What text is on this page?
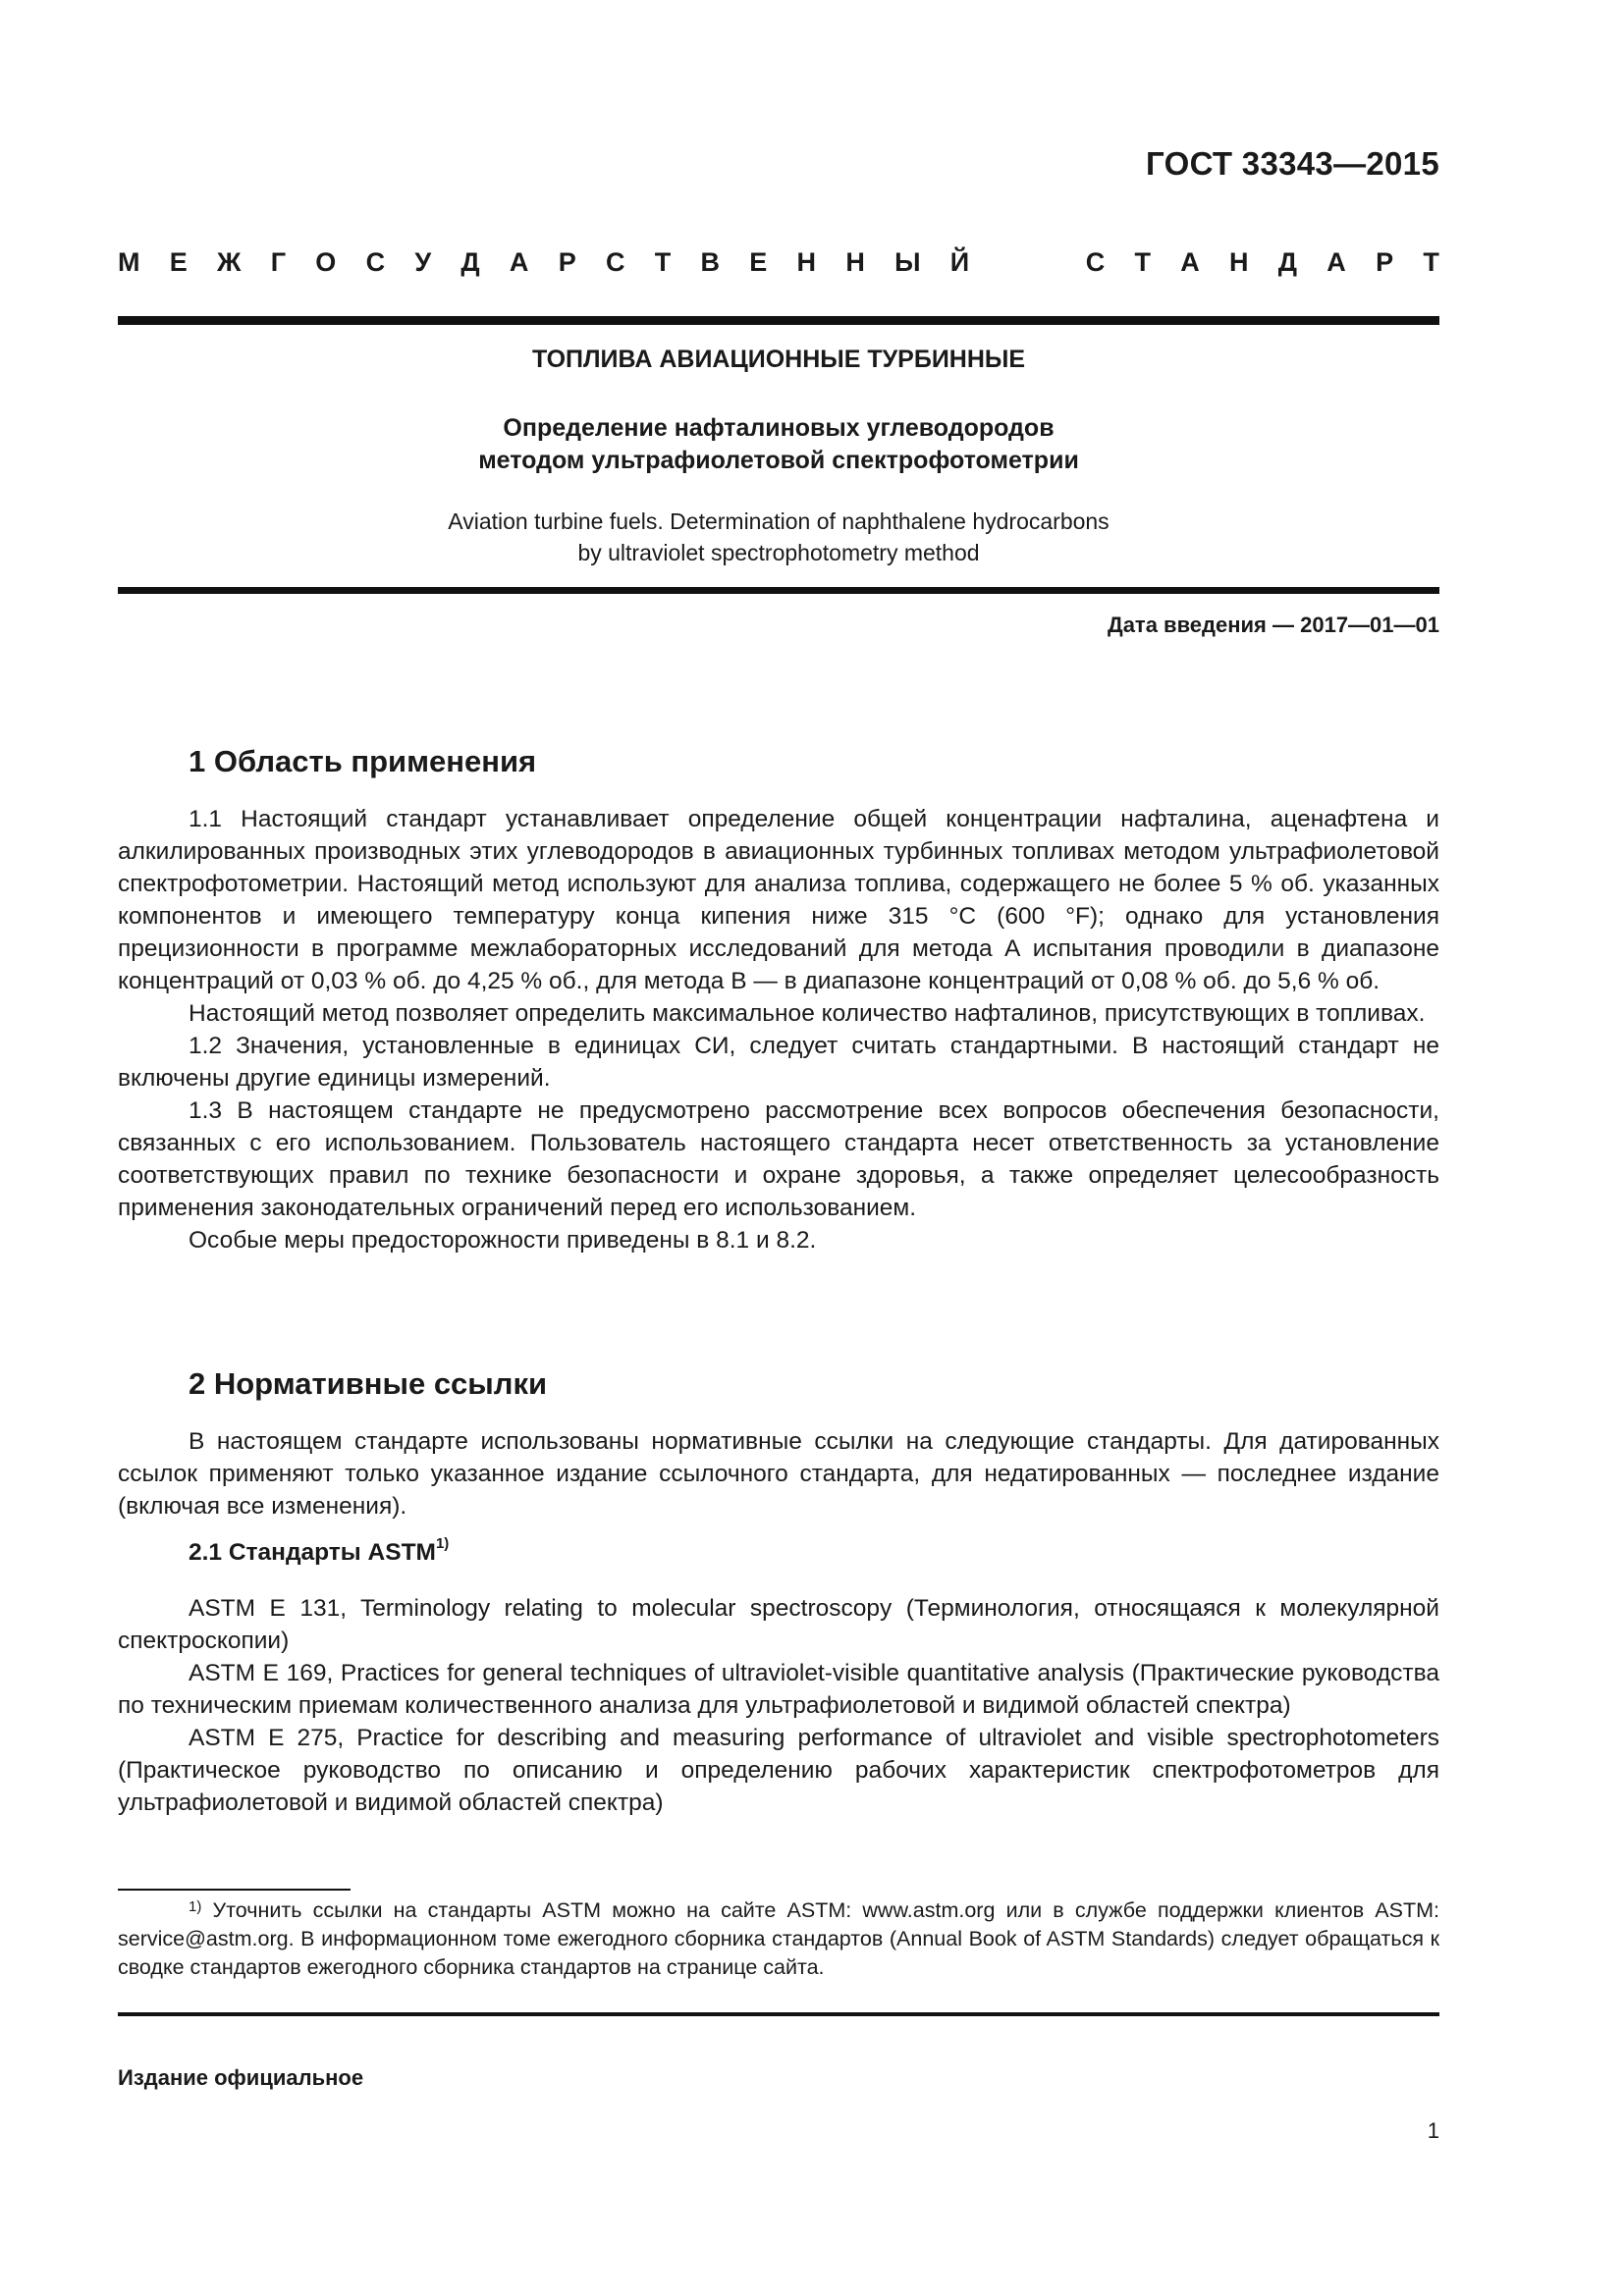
ГОСТ 33343—2015
М Е Ж Г О С У Д А Р С Т В Е Н Н Ы Й	С Т А Н Д А Р Т
ТОПЛИВА АВИАЦИОННЫЕ ТУРБИННЫЕ
Определение нафталиновых углеводородов
методом ультрафиолетовой спектрофотометрии
Aviation turbine fuels. Determination of naphthalene hydrocarbons
by ultraviolet spectrophotometry method
Дата введения — 2017—01—01
1 Область применения

1.1 Настоящий стандарт устанавливает определение общей концентрации нафталина, аценафтена и алкилированных производных этих углеводородов в авиационных турбинных топливах методом ультрафиолетовой спектрофотометрии. Настоящий метод используют для анализа топлива, содержащего не более 5 % об. указанных компонентов и имеющего температуру конца кипения ниже 315 °С (600 °F); однако для установления прецизионности в программе межлабораторных исследований для метода А испытания проводили в диапазоне концентраций от 0,03 % об. до 4,25 % об., для метода В — в диапазоне концентраций от 0,08 % об. до 5,6 % об.

Настоящий метод позволяет определить максимальное количество нафталинов, присутствующих в топливах.

1.2 Значения, установленные в единицах СИ, следует считать стандартными. В настоящий стандарт не включены другие единицы измерений.

1.3 В настоящем стандарте не предусмотрено рассмотрение всех вопросов обеспечения безопасности, связанных с его использованием. Пользователь настоящего стандарта несет ответственность за установление соответствующих правил по технике безопасности и охране здоровья, а также определяет целесообразность применения законодательных ограничений перед его использованием.

Особые меры предосторожности приведены в 8.1 и 8.2.

2 Нормативные ссылки

В настоящем стандарте использованы нормативные ссылки на следующие стандарты. Для датированных ссылок применяют только указанное издание ссылочного стандарта, для недатированных — последнее издание (включая все изменения).

2.1 Стандарты ASTM$^{1)}$

ASTM E 131, Terminology relating to molecular spectroscopy (Терминология, относящаяся к молекулярной спектроскопии)

ASTM E 169, Practices for general techniques of ultraviolet-visible quantitative analysis (Практические руководства по техническим приемам количественного анализа для ультрафиолетовой и видимой областей спектра)

ASTM E 275, Practice for describing and measuring performance of ultraviolet and visible spectrophotometers (Практическое руководство по описанию и определению рабочих характеристик спектрофотометров для ультрафиолетовой и видимой областей спектра)

$^{1)}$ Уточнить ссылки на стандарты ASTM можно на сайте ASTM: www.astm.org или в службе поддержки клиентов ASTM: service@astm.org. В информационном томе ежегодного сборника стандартов (Annual Book of ASTM Standards) следует обращаться к сводке стандартов ежегодного сборника стандартов на странице сайта.

Издание официальное
1
